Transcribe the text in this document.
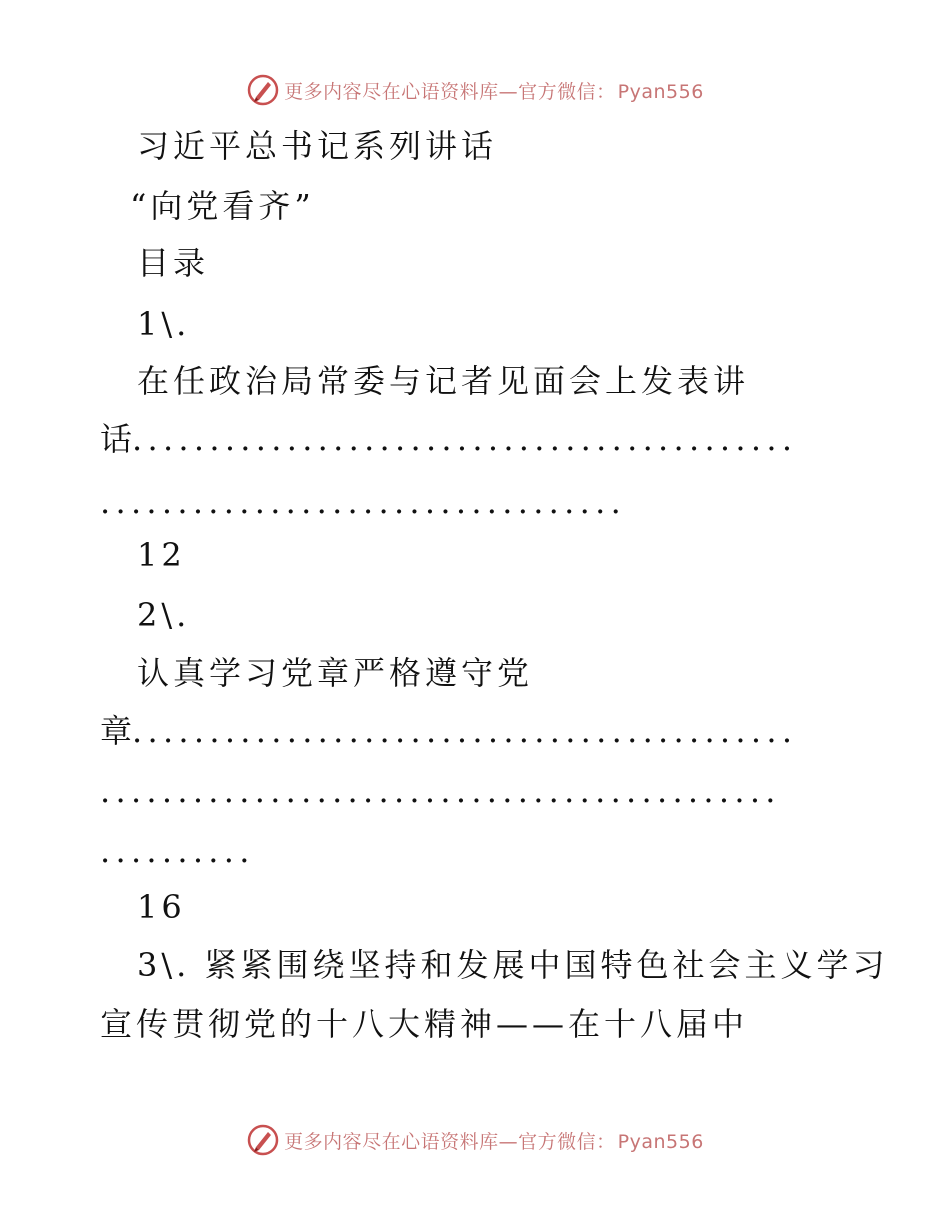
更多内容尽在心语资料库—官方微信： Pyan556
习近平总书记系列讲话
“向党看齐”
目录
1\.
在任政治局常委与记者见面会上发表讲
话
...........................................
..................................
12
2\.
认真学习党章严格遵守党
章
...........................................
............................................
..........
16
3\. 紧紧围绕坚持和发展中国特色社会主义学习
宣传贯彻党的十八大精神——在十八届中
更多内容尽在心语资料库—官方微信： Pyan556
